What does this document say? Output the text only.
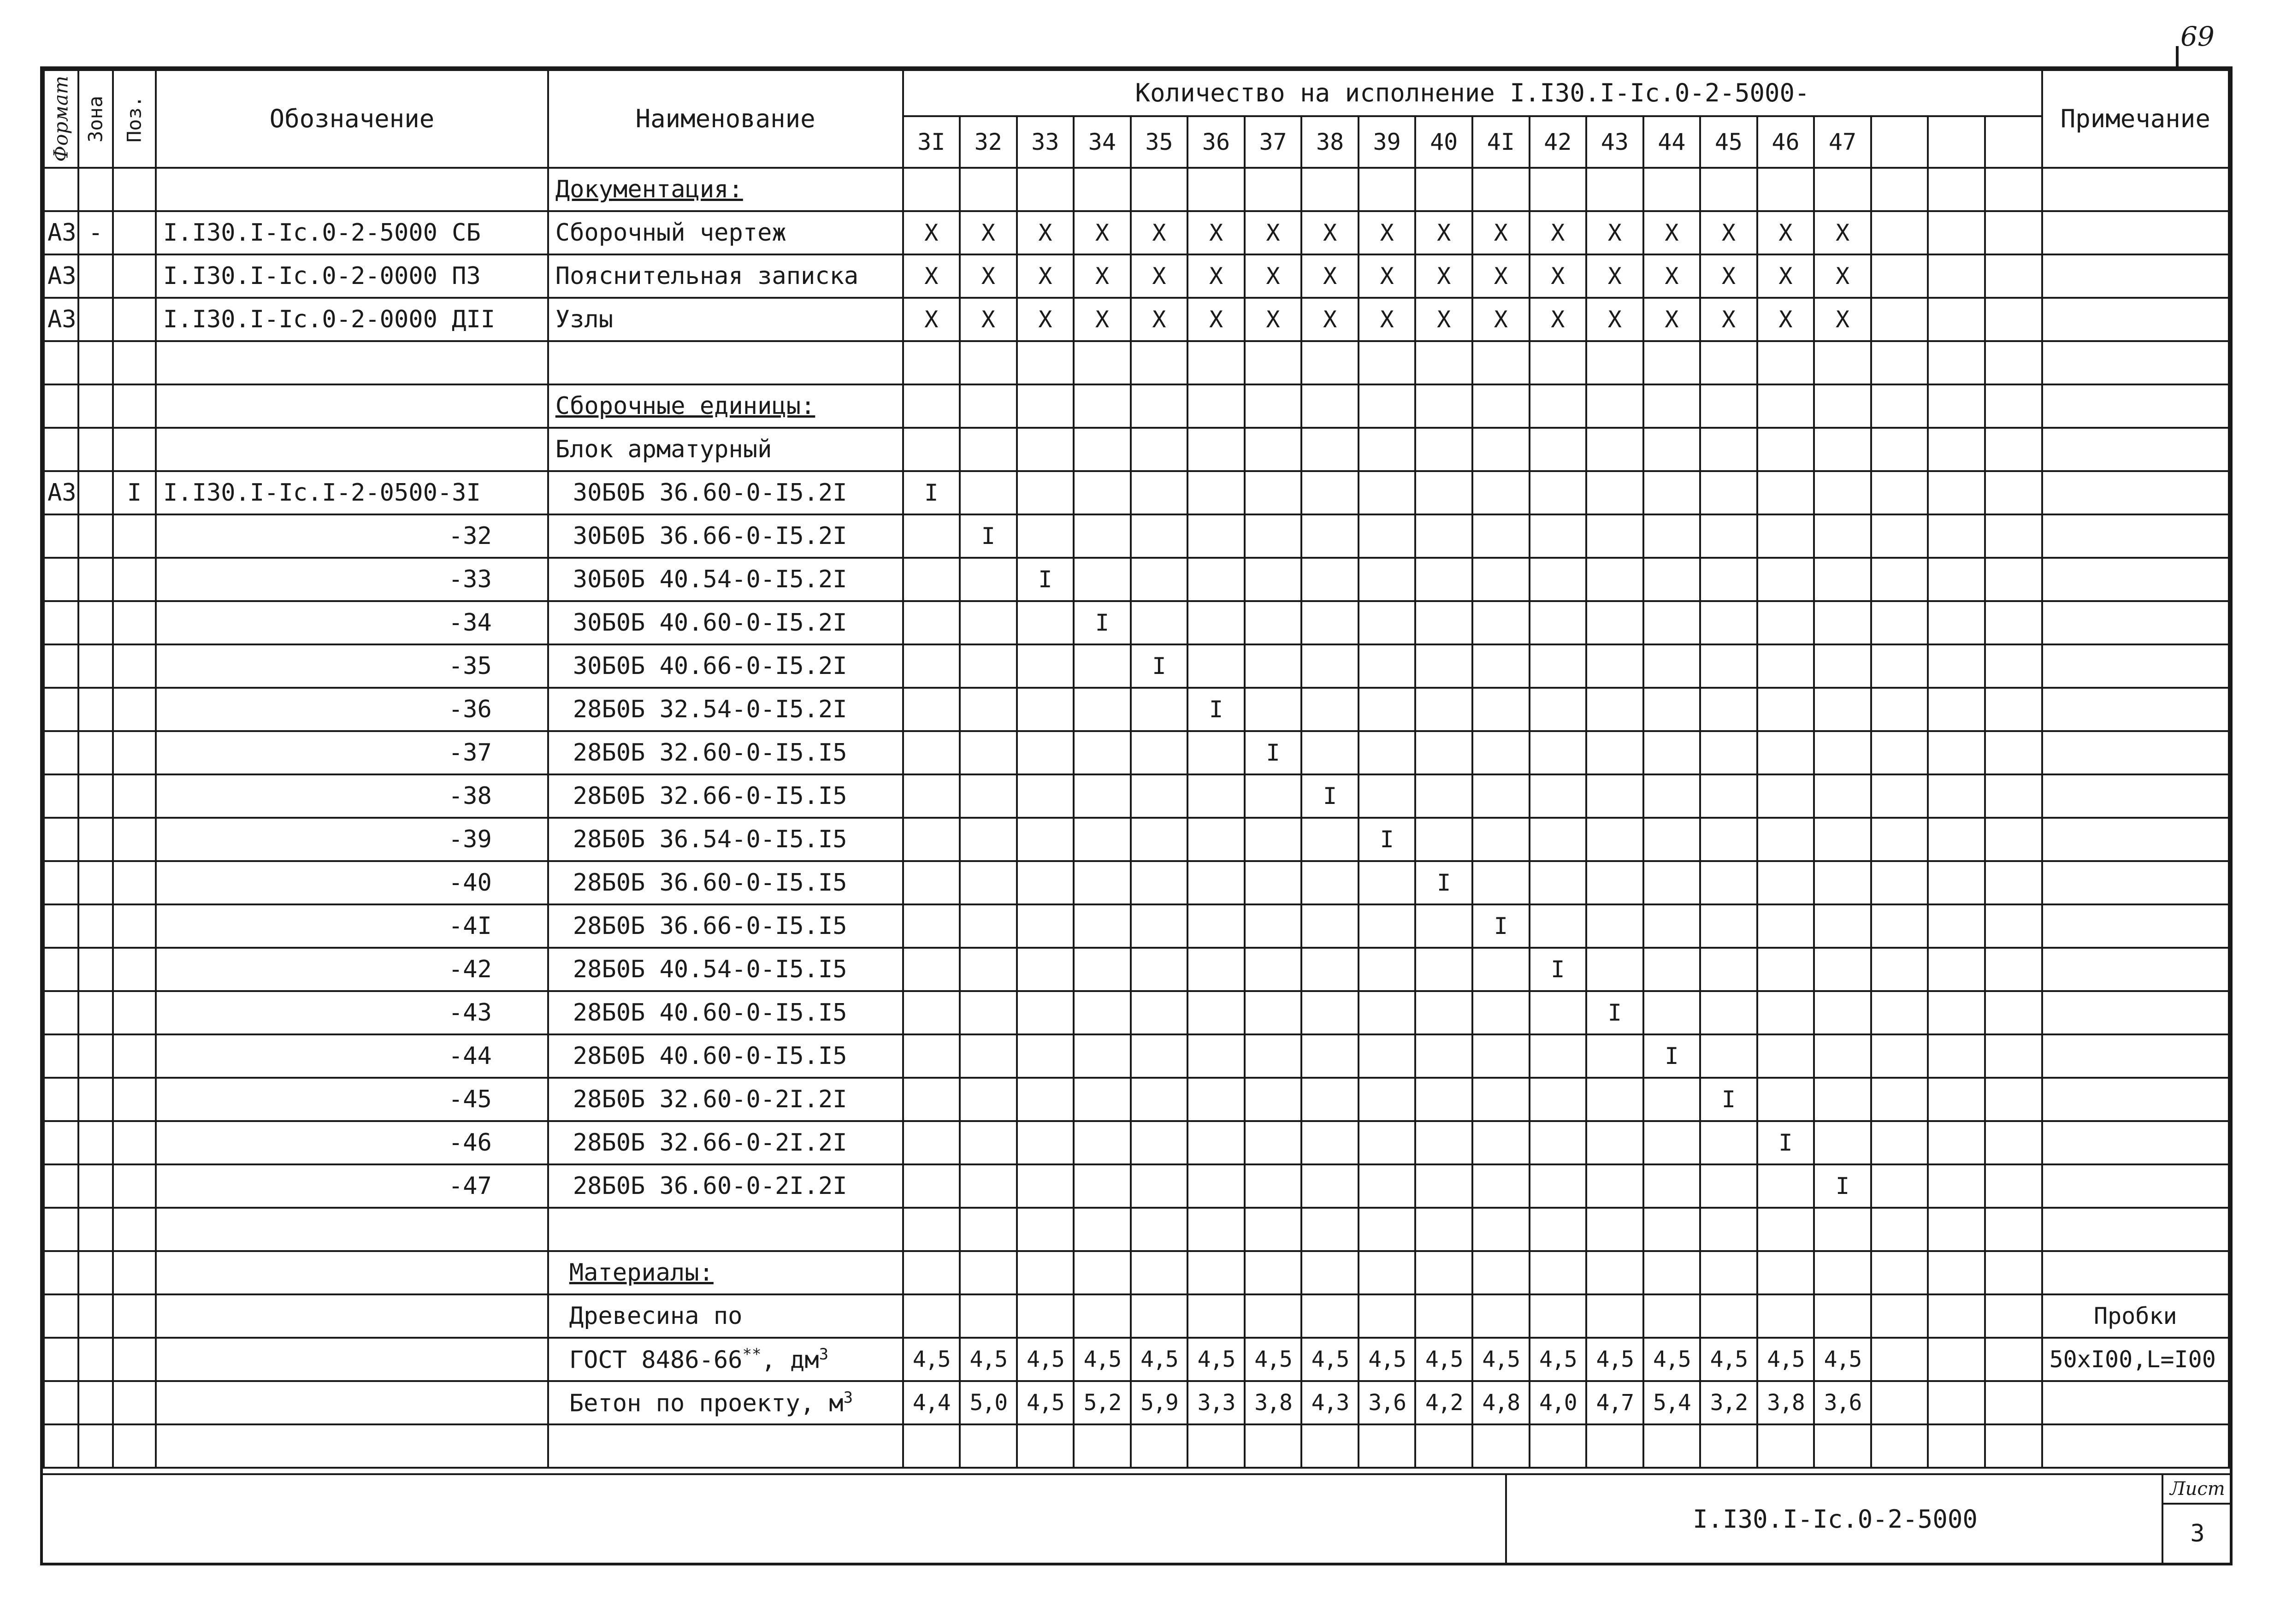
69
Формат	Зона	Поз.	Обозначение	Наименование	Количество на исполнение I.I30.I-Ic.0-2-5000-																				Примечание
					3I	32	33	34	35	36	37	38	39	40	4I	42	43	44	45	46	47				
				Документация:																					
A3	-		I.I30.I-Ic.0-2-5000 СБ	Сборочный чертеж	X	X	X	X	X	X	X	X	X	X	X	X	X	X	X	X	X				
A3			I.I30.I-Ic.0-2-0000 ПЗ	Пояснительная записка	X	X	X	X	X	X	X	X	X	X	X	X	X	X	X	X	X				
A3			I.I30.I-Ic.0-2-0000 ДII	Узлы	X	X	X	X	X	X	X	X	X	X	X	X	X	X	X	X	X				

				Сборочные единицы:																					
				Блок арматурный																					
A3		I	I.I30.I-Ic.I-2-0500-3I	30Б0Б 36.60-0-I5.2I	I																				
			-32	30Б0Б 36.66-0-I5.2I		I																			
			-33	30Б0Б 40.54-0-I5.2I			I																		
			-34	30Б0Б 40.60-0-I5.2I				I																	
			-35	30Б0Б 40.66-0-I5.2I					I																
			-36	28Б0Б 32.54-0-I5.2I						I															
			-37	28Б0Б 32.60-0-I5.I5							I														
			-38	28Б0Б 32.66-0-I5.I5								I													
			-39	28Б0Б 36.54-0-I5.I5									I												
			-40	28Б0Б 36.60-0-I5.I5										I											
			-4I	28Б0Б 36.66-0-I5.I5											I										
			-42	28Б0Б 40.54-0-I5.I5												I									
			-43	28Б0Б 40.60-0-I5.I5													I								
			-44	28Б0Б 40.60-0-I5.I5														I							
			-45	28Б0Б 32.60-0-2I.2I															I						
			-46	28Б0Б 32.66-0-2I.2I																I					
			-47	28Б0Б 36.60-0-2I.2I																	I				

				Материалы:																					
				Древесина по																					Пробки
				ГОСТ 8486-66**, $дм^3$	4,5	4,5	4,5	4,5	4,5	4,5	4,5	4,5	4,5	4,5	4,5	4,5	4,5	4,5	4,5	4,5	4,5				50xI00,L=I00
				Бетон по проекту, $м^3$	4,4	5,0	4,5	5,2	5,9	3,3	3,8	4,3	3,6	4,2	4,8	4,0	4,7	5,4	3,2	3,8	3,6				

I.I30.I-Ic.0-2-5000
Лист
3
